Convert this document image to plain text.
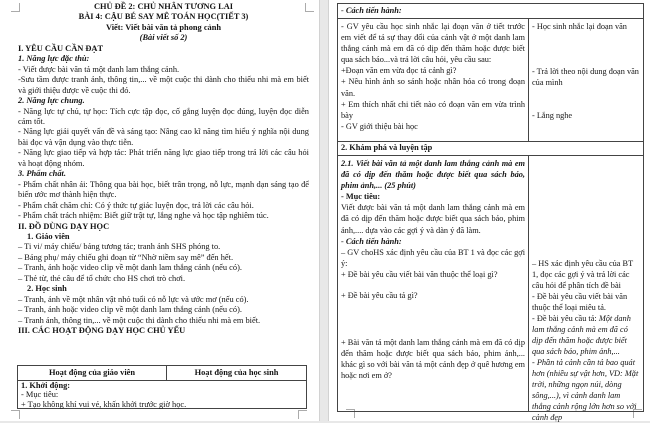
CHỦ ĐỀ 2: CHỦ NHÂN TƯƠNG LAI

BÀI 4: CẬU BÉ SAY MÊ TOÁN HỌC(TIẾT 3)

Viết: Viết bài văn tả phong cảnh

(Bài viết số 2)

I. YÊU CẦU CẦN ĐẠT

1. Năng lực đặc thù:

- Viết được bài văn tả một danh lam thắng cảnh.

-Sưu tầm được tranh ảnh, thông tin,... về một cuộc thi dành cho thiếu nhi mà em biết và giới thiệu được về cuộc thi đó.

2. Năng lực chung.

- Năng lực tự chủ, tự học: Tích cực tập đọc, cố gắng luyện đọc đúng, luyện đọc diễn cảm tốt.

- Năng lực giải quyết vấn đề và sáng tạo: Nâng cao kĩ năng tìm hiểu ý nghĩa nội dung bài đọc và vận dụng vào thực tiễn.

- Năng lực giao tiếp và hợp tác: Phát triển năng lực giao tiếp trong trả lời các câu hỏi và hoạt động nhóm.

3. Phẩm chất.

- Phẩm chất nhân ái: Thông qua bài học, biết trân trọng, nỗ lực, mạnh dạn sáng tạo để biến ước mơ thành hiện thực.

- Phẩm chất chăm chỉ: Có ý thức tự giác luyện đọc, trả lời các câu hỏi.

- Phẩm chất trách nhiệm: Biết giữ trật tự, lắng nghe và học tập nghiêm túc.

II. ĐỒ DÙNG DẠY HỌC

1. Giáo viên

– Ti vi/ máy chiếu/ bảng tương tác; tranh ảnh SHS phóng to.

– Bảng phụ/ máy chiếu ghi đoạn từ “Nhờ niềm say mê” đến hết.

– Tranh, ảnh hoặc video clip về một danh lam thắng cảnh (nếu có).

– Thẻ từ, thẻ câu để tổ chức cho HS chơi trò chơi.

2. Học sinh

– Tranh, ảnh về một nhân vật nhỏ tuổi có nỗ lực và ước mơ (nếu có).

– Tranh, ảnh hoặc video clip về một danh lam thắng cảnh (nếu có).

– Tranh ảnh, thông tin,... về một cuộc thi dành cho thiếu nhi mà em biết.

III. CÁC HOẠT ĐỘNG DẠY HỌC CHỦ YẾU

Hoạt động của giáo viên	Hoạt động của học sinh

1. Khởi động:

- Mục tiêu:

+ Tạo không khí vui vẻ, khấn khởi trước giờ học.

- Cách tiến hành:

- GV yêu cầu học sinh nhắc lại đoạn văn ở tiết trước em viết để tả sự thay đổi của cảnh vật ở một danh lam thắng cảnh mà em đã có dịp đến thăm hoặc được biết qua sách báo...và trả lời câu hỏi, yêu cầu sau:

+Đoạn văn em vừa đọc tả cảnh gì?

+ Nêu hình ảnh so sánh hoặc nhân hóa có trong đoạn văn.

+ Em thích nhất chi tiết nào có đoạn văn em vừa trình bày

- GV giới thiệu bài học

- Học sinh nhắc lại đoạn văn

- Trả lời theo nội dung đoạn văn của mình

- Lắng nghe

2. Khám phá và luyện tập

2.1. Viết bài văn tả một danh lam thắng cảnh mà em đã có dịp đến thăm hoặc được biết qua sách báo, phim ảnh,... (25 phút)

- Mục tiêu:

Viết được bài văn tả một danh lam thắng cảnh mà em đã có dịp đến thăm hoặc được biết qua sách báo, phim ảnh,.... dựa vào các gợi ý và dàn ý đã làm.

- Cách tiến hành:

– GV choHS xác định yêu cầu của BT 1 và đọc các gợi ý:

+ Đề bài yêu cầu viết bài văn thuộc thể loại gì?

+ Đề bài yêu cầu tả gì?

+ Bài văn tả một danh lam thắng cảnh mà em đã có dịp đến thăm hoặc được biết qua sách báo, phim ảnh,... khác gì so với bài văn tả một cảnh đẹp ở quê hương em hoặc nơi em ở?

– HS xác định yêu cầu của BT 1, đọc các gợi ý và trả lời các câu hỏi để phân tích đề bài

- Đề bài yêu cầu viết bài văn thuộc thể loại miêu tả.

- Đề bài yêu cầu tả: Một danh lam thắng cảnh mà em đã có dịp đến thăm hoặc được biết qua sách báo, phim ảnh,...

- Phần tả cảnh cần tả bao quát hơn (nhiều sự vật hơn, VD: Mặt trời, những ngọn núi, dòng sông,...), vì cảnh danh lam thắng cảnh rộng lớn hơn so với cảnh đẹp
